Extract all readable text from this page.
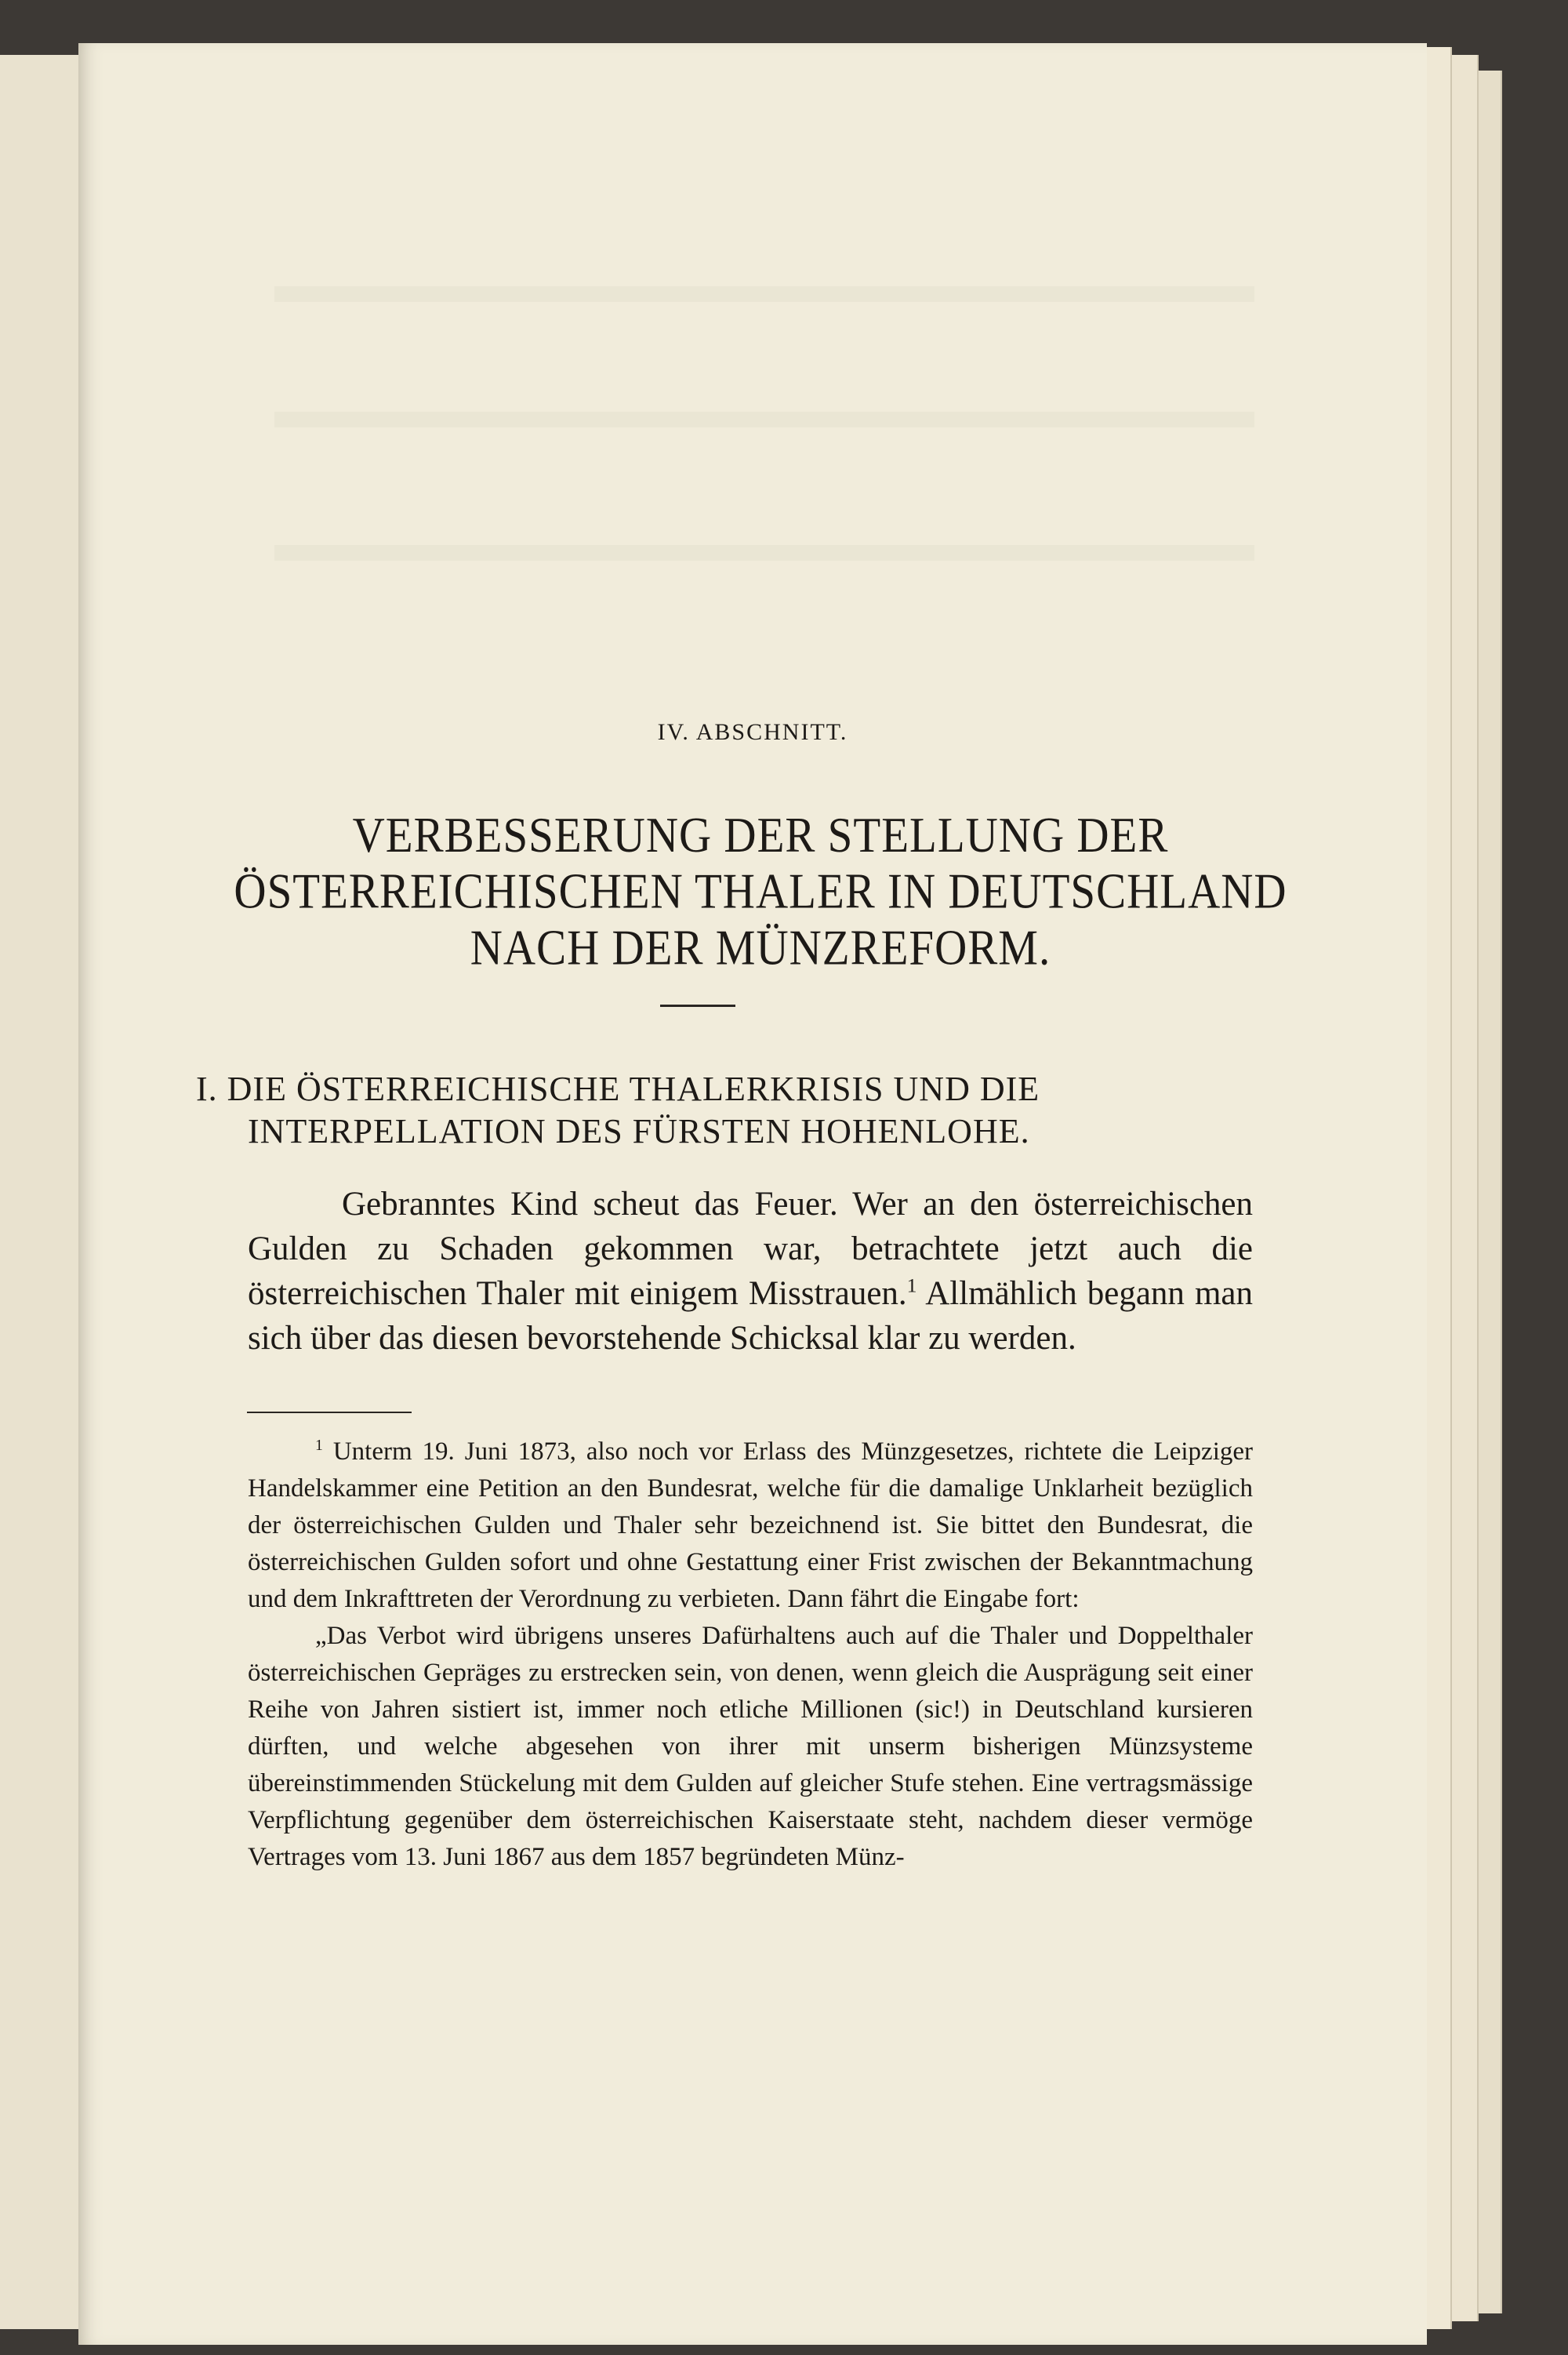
IV. ABSCHNITT.
VERBESSERUNG DER STELLUNG DER ÖSTERREICHISCHEN THALER IN DEUTSCHLAND NACH DER MÜNZREFORM.
I. DIE ÖSTERREICHISCHE THALERKRISIS UND DIE
INTERPELLATION DES FÜRSTEN HOHENLOHE.
Gebranntes Kind scheut das Feuer. Wer an den österreichischen Gulden zu Schaden gekommen war, betrachtete jetzt auch die österreichischen Thaler mit einigem Misstrauen.$^1$ Allmählich begann man sich über das diesen bevorstehende Schicksal klar zu werden.

$^1$ Unterm 19. Juni 1873, also noch vor Erlass des Münzgesetzes, richtete die Leipziger Handelskammer eine Petition an den Bundesrat, welche für die damalige Unklarheit bezüglich der österreichischen Gulden und Thaler sehr bezeichnend ist. Sie bittet den Bundesrat, die österreichischen Gulden sofort und ohne Gestattung einer Frist zwischen der Bekanntmachung und dem Inkrafttreten der Verordnung zu verbieten. Dann fährt die Eingabe fort:

„Das Verbot wird übrigens unseres Dafürhaltens auch auf die Thaler und Doppelthaler österreichischen Gepräges zu erstrecken sein, von denen, wenn gleich die Ausprägung seit einer Reihe von Jahren sistiert ist, immer noch etliche Millionen (sic!) in Deutschland kursieren dürften, und welche abgesehen von ihrer mit unserm bisherigen Münzsysteme übereinstimmenden Stückelung mit dem Gulden auf gleicher Stufe stehen. Eine vertragsmässige Verpflichtung gegenüber dem österreichischen Kaiserstaate steht, nachdem dieser vermöge Vertrages vom 13. Juni 1867 aus dem 1857 begründeten Münz-
